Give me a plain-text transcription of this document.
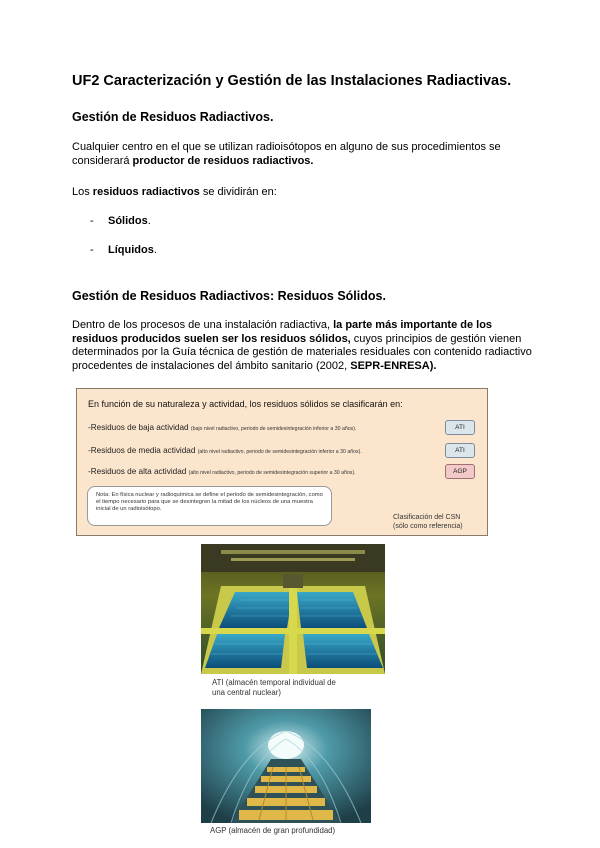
UF2 Caracterización y Gestión de las Instalaciones Radiactivas.
Gestión de Residuos Radiactivos.
Cualquier centro en el que se utilizan radioisótopos en alguno de sus procedimientos se considerará productor de residuos radiactivos.
Los residuos radiactivos se dividirán en:
- Sólidos.
- Líquidos.
Gestión de Residuos Radiactivos: Residuos Sólidos.
Dentro de los procesos de una instalación radiactiva, la parte más importante de los residuos producidos suelen ser los residuos sólidos, cuyos principios de gestión vienen determinados por la Guía técnica de gestión de materiales residuales con contenido radiactivo procedentes de instalaciones del ámbito sanitario (2002, SEPR-ENRESA).
En función de su naturaleza y actividad, los residuos sólidos se clasificarán en:
-Residuos de baja actividad (bajo nivel radiactivo, periodo de semidesintegración inferior a 30 años).	ATI
-Residuos de media actividad (alto nivel radiactivo, periodo de semidesintegración inferior a 30 años).	ATI
-Residuos de alta actividad (alto nivel radiactivo, periodo de semidesintegración superior a 30 años).	AGP
Nota: En física nuclear y radioquímica se define el periodo de semidesintegración, como el tiempo necesario para que se desintegren la mitad de los núcleos de una muestra inicial de un radioisótopo.
Clasificación del CSN
(sólo como referencia)
ATI (almacén temporal individual de
una central nuclear)
AGP (almacén de gran profundidad)
